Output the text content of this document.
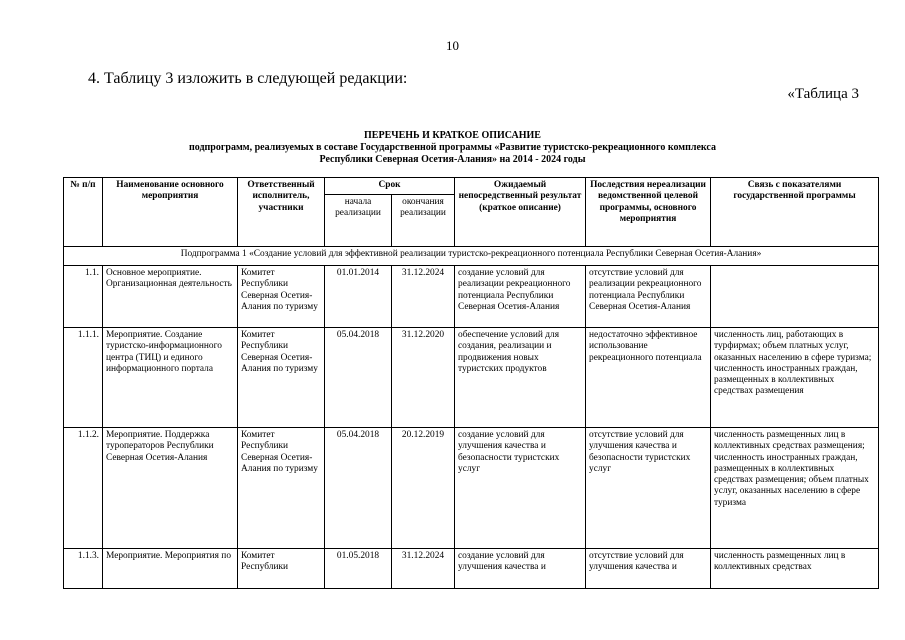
10
4. Таблицу 3 изложить в следующей редакции:
«Таблица 3
ПЕРЕЧЕНЬ И КРАТКОЕ ОПИСАНИЕ
подпрограмм, реализуемых в составе Государственной программы «Развитие туристско-рекреационного комплекса
Республики Северная Осетия-Алания» на 2014 - 2024 годы
№ п/п	Наименование основного мероприятия	Ответственный исполнитель, участники	Срок		Ожидаемый непосредственный результат (краткое описание)	Последствия нереализации ведомственной целевой программы, основного мероприятия	Связь с показателями государственной программы
			начала реализации	окончания реализации			
Подпрограмма 1 «Создание условий для эффективной реализации туристско-рекреационного потенциала Республики Северная Осетия-Алания»							
1.1.	Основное мероприятие. Организационная деятельность	Комитет Республики Северная Осетия-Алания по туризму	01.01.2014	31.12.2024	создание условий для реализации рекреационного потенциала Республики Северная Осетия-Алания	отсутствие условий для реализации рекреационного потенциала Республики Северная Осетия-Алания	
1.1.1.	Мероприятие. Создание туристско-информационного центра (ТИЦ) и единого информационного портала	Комитет Республики Северная Осетия-Алания по туризму	05.04.2018	31.12.2020	обеспечение условий для создания, реализации и продвижения новых туристских продуктов	недостаточно эффективное использование рекреационного потенциала	численность лиц, работающих в турфирмах; объем платных услуг, оказанных населению в сфере туризма; численность иностранных граждан, размещенных в коллективных средствах размещения
1.1.2.	Мероприятие. Поддержка туроператоров Республики Северная Осетия-Алания	Комитет Республики Северная Осетия-Алания по туризму	05.04.2018	20.12.2019	создание условий для улучшения качества и безопасности туристских услуг	отсутствие условий для улучшения качества и безопасности туристских услуг	численность размещенных лиц в коллективных средствах размещения; численность иностранных граждан, размещенных в коллективных средствах размещения; объем платных услуг, оказанных населению в сфере туризма
1.1.3.	Мероприятие. Мероприятия по	Комитет Республики	01.05.2018	31.12.2024	создание условий для улучшения качества и	отсутствие условий для улучшения качества и	численность размещенных лиц в коллективных средствах
